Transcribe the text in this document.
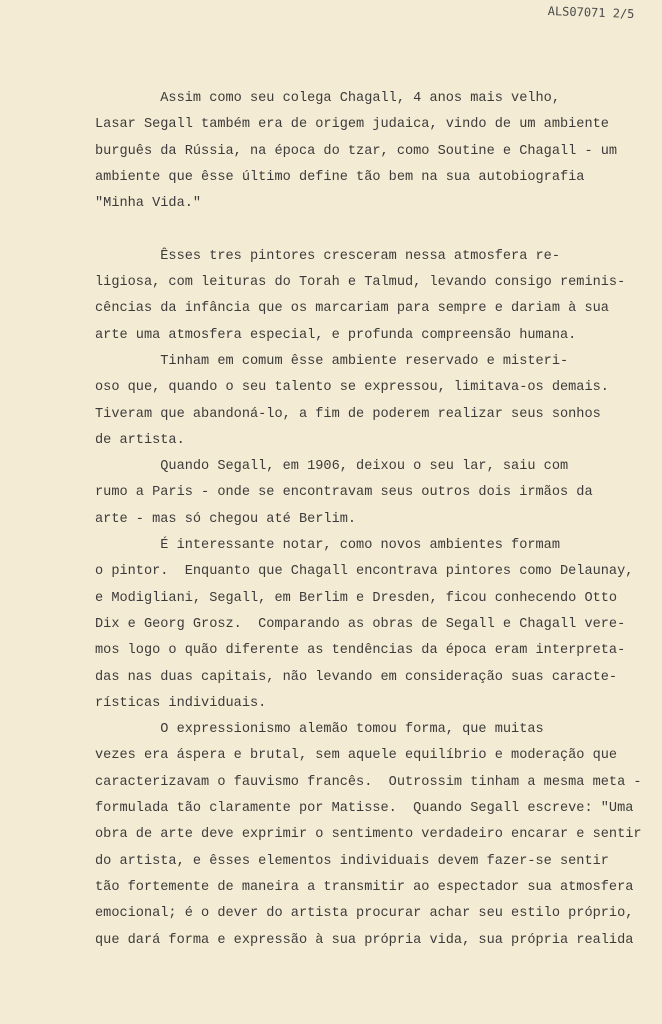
ALS07071 2/5
Assim como seu colega Chagall, 4 anos mais velho,
Lasar Segall também era de origem judaica, vindo de um ambiente
burguês da Rússia, na época do tzar, como Soutine e Chagall - um
ambiente que êsse último define tão bem na sua autobiografia
"Minha Vida."
Êsses tres pintores cresceram nessa atmosfera re-
ligiosa, com leituras do Torah e Talmud, levando consigo reminis-
cências da infância que os marcariam para sempre e dariam à sua
arte uma atmosfera especial, e profunda compreensão humana.
Tinham em comum êsse ambiente reservado e misteri-
oso que, quando o seu talento se expressou, limitava-os demais.
Tiveram que abandoná-lo, a fim de poderem realizar seus sonhos
de artista.
Quando Segall, em 1906, deixou o seu lar, saiu com
rumo a Paris - onde se encontravam seus outros dois irmãos da
arte - mas só chegou até Berlim.
É interessante notar, como novos ambientes formam
o pintor.  Enquanto que Chagall encontrava pintores como Delaunay,
e Modigliani, Segall, em Berlim e Dresden, ficou conhecendo Otto
Dix e Georg Grosz.  Comparando as obras de Segall e Chagall vere-
mos logo o quão diferente as tendências da época eram interpreta-
das nas duas capitais, não levando em consideração suas caracte-
rísticas individuais.
O expressionismo alemão tomou forma, que muitas
vezes era áspera e brutal, sem aquele equilíbrio e moderação que
caracterizavam o fauvismo francês.  Outrossim tinham a mesma meta -
formulada tão claramente por Matisse.  Quando Segall escreve: "Uma
obra de arte deve exprimir o sentimento verdadeiro encarar e sentir
do artista, e êsses elementos individuais devem fazer-se sentir
tão fortemente de maneira a transmitir ao espectador sua atmosfera
emocional; é o dever do artista procurar achar seu estilo próprio,
que dará forma e expressão à sua própria vida, sua própria realida
